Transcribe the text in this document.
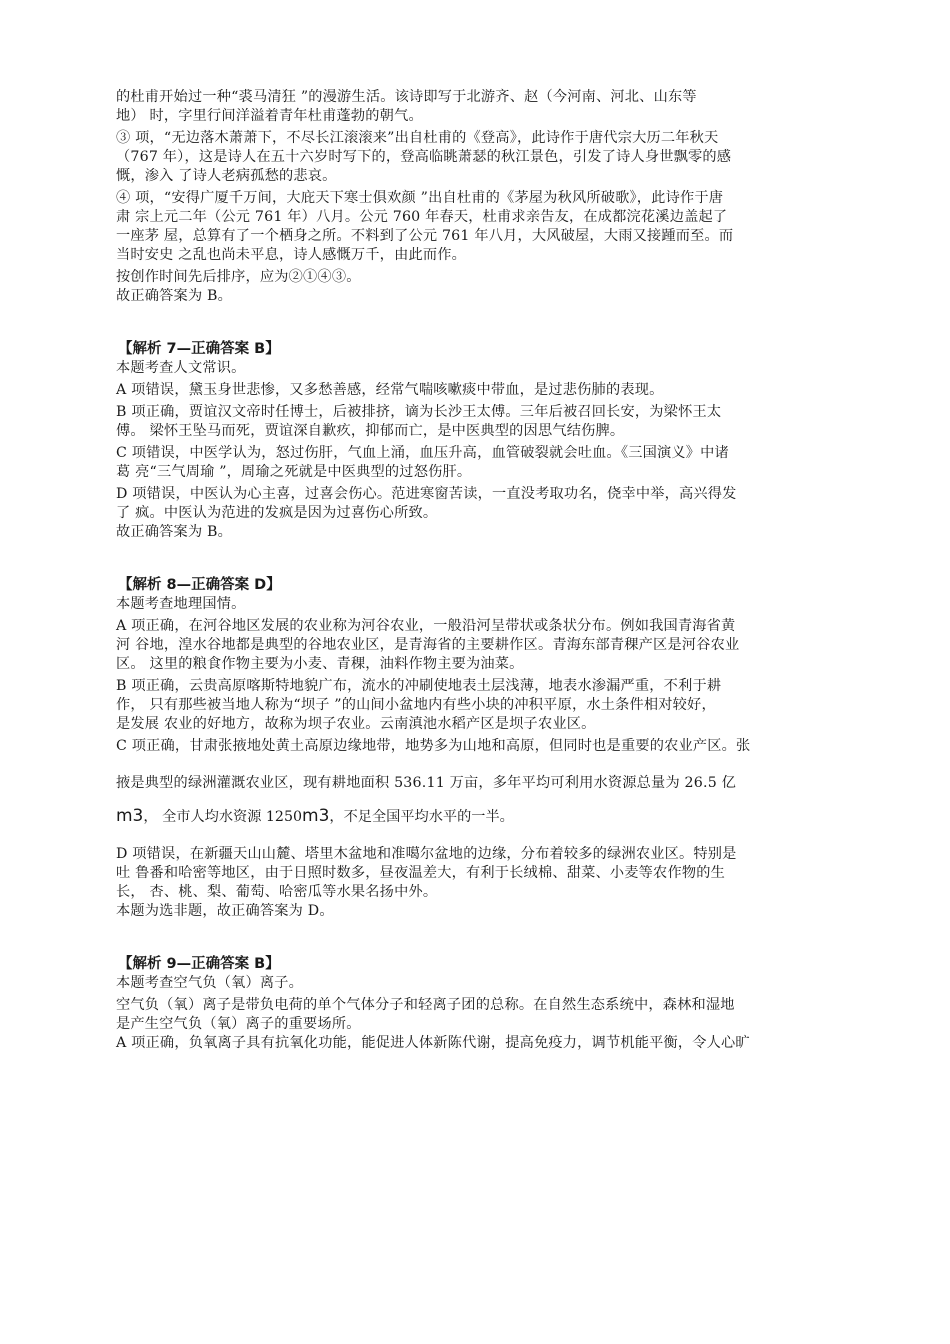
的杜甫开始过一种“裘马清狂 ”的漫游生活。该诗即写于北游齐、赵（今河南、河北、山东等
地） 时，字里行间洋溢着青年杜甫蓬勃的朝气。
③ 项，“无边落木萧萧下，不尽长江滚滚来”出自杜甫的《登高》，此诗作于唐代宗大历二年秋天
（767 年），这是诗人在五十六岁时写下的，登高临眺萧瑟的秋江景色，引发了诗人身世飘零的感
慨，渗入 了诗人老病孤愁的悲哀。
④ 项，“安得广厦千万间，大庇天下寒士俱欢颜 ”出自杜甫的《茅屋为秋风所破歌》，此诗作于唐
肃 宗上元二年（公元 761 年）八月。公元 760 年春天，杜甫求亲告友，在成都浣花溪边盖起了
一座茅 屋，总算有了一个栖身之所。不料到了公元 761 年八月，大风破屋，大雨又接踵而至。而
当时安史 之乱也尚未平息，诗人感慨万千，由此而作。
按创作时间先后排序，应为②①④③。
故正确答案为 B。
【解析 7—正确答案 B】
本题考查人文常识。
A 项错误，黛玉身世悲惨，又多愁善感，经常气喘咳嗽痰中带血，是过悲伤肺的表现。
B 项正确，贾谊汉文帝时任博士，后被排挤，谪为长沙王太傅。三年后被召回长安，为梁怀王太
傅。 梁怀王坠马而死，贾谊深自歉疚，抑郁而亡，是中医典型的因思气结伤脾。
C 项错误，中医学认为，怒过伤肝，气血上涌，血压升高，血管破裂就会吐血。《三国演义》中诸
葛 亮“三气周瑜 ”，周瑜之死就是中医典型的过怒伤肝。
D 项错误，中医认为心主喜，过喜会伤心。范进寒窗苦读，一直没考取功名，侥幸中举，高兴得发
了 疯。中医认为范进的发疯是因为过喜伤心所致。
故正确答案为 B。
【解析 8—正确答案 D】
本题考查地理国情。
A 项正确，在河谷地区发展的农业称为河谷农业，一般沿河呈带状或条状分布。例如我国青海省黄
河 谷地，湟水谷地都是典型的谷地农业区，是青海省的主要耕作区。青海东部青稞产区是河谷农业
区。 这里的粮食作物主要为小麦、青稞，油料作物主要为油菜。
B 项正确，云贵高原喀斯特地貌广布，流水的冲刷使地表土层浅薄，地表水渗漏严重，不利于耕
作， 只有那些被当地人称为“坝子 ”的山间小盆地内有些小块的冲积平原，水土条件相对较好，
是发展 农业的好地方，故称为坝子农业。云南滇池水稻产区是坝子农业区。
C 项正确，甘肃张掖地处黄土高原边缘地带，地势多为山地和高原，但同时也是重要的农业产区。张
掖是典型的绿洲灌溉农业区，现有耕地面积 536.11 万亩，多年平均可利用水资源总量为 26.5 亿
m3， 全市人均水资源 1250m3，不足全国平均水平的一半。
D 项错误，在新疆天山山麓、塔里木盆地和准噶尔盆地的边缘，分布着较多的绿洲农业区。特别是
吐 鲁番和哈密等地区，由于日照时数多，昼夜温差大，有利于长绒棉、甜菜、小麦等农作物的生
长， 杏、桃、梨、葡萄、哈密瓜等水果名扬中外。
本题为选非题，故正确答案为 D。
【解析 9—正确答案 B】
本题考查空气负（氧）离子。
空气负（氧）离子是带负电荷的单个气体分子和轻离子团的总称。在自然生态系统中，森林和湿地
是产生空气负（氧）离子的重要场所。
A 项正确，负氧离子具有抗氧化功能，能促进人体新陈代谢，提高免疫力，调节机能平衡，令人心旷
